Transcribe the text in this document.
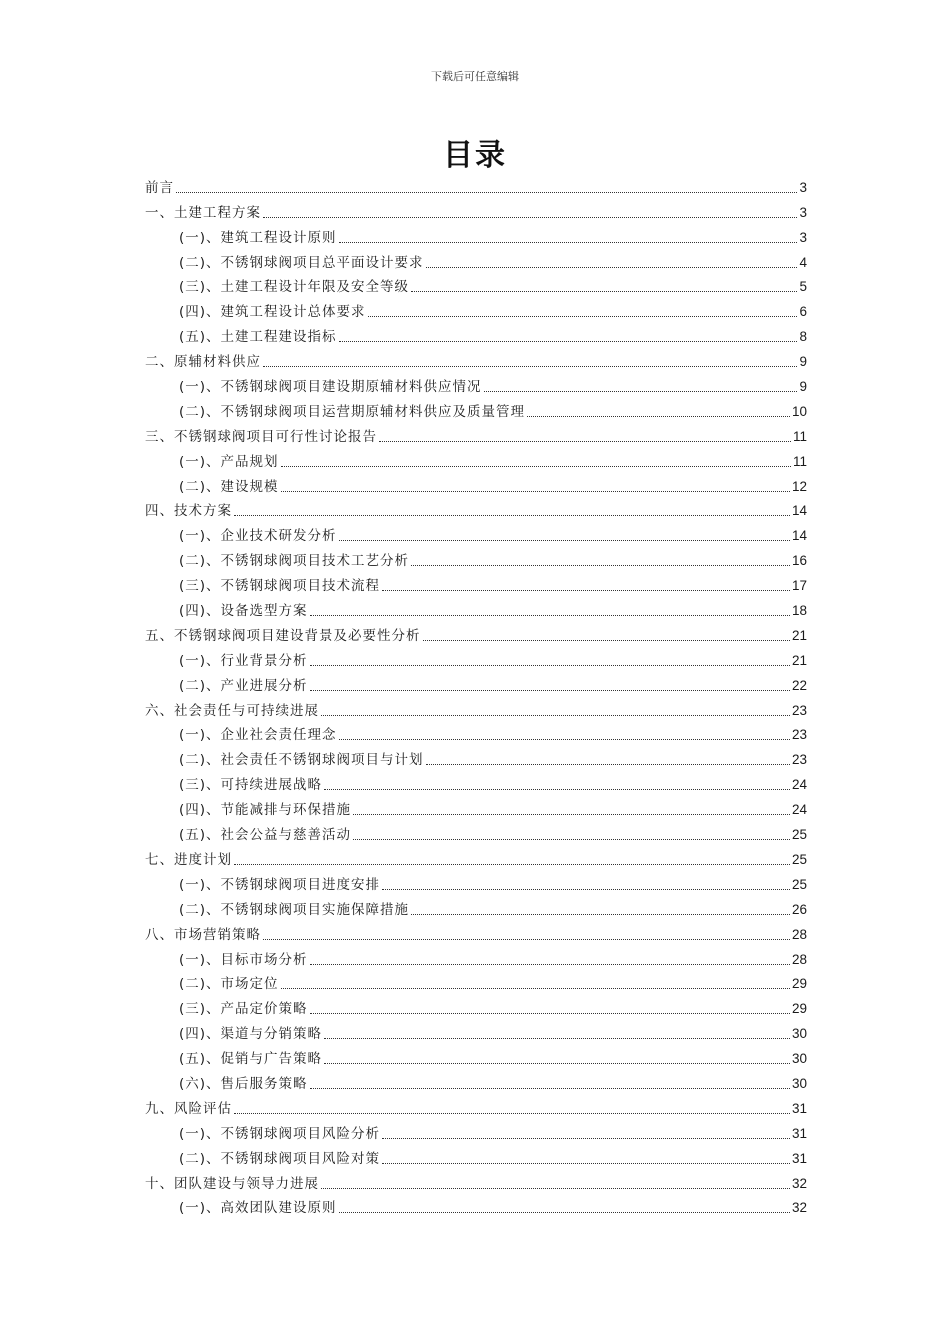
下载后可任意编辑
目录
前言	3
一、土建工程方案	3
(一)、建筑工程设计原则	3
(二)、不锈钢球阀项目总平面设计要求	4
(三)、土建工程设计年限及安全等级	5
(四)、建筑工程设计总体要求	6
(五)、土建工程建设指标	8
二、原辅材料供应	9
(一)、不锈钢球阀项目建设期原辅材料供应情况	9
(二)、不锈钢球阀项目运营期原辅材料供应及质量管理	10
三、不锈钢球阀项目可行性讨论报告	11
(一)、产品规划	11
(二)、建设规模	12
四、技术方案	14
(一)、企业技术研发分析	14
(二)、不锈钢球阀项目技术工艺分析	16
(三)、不锈钢球阀项目技术流程	17
(四)、设备选型方案	18
五、不锈钢球阀项目建设背景及必要性分析	21
(一)、行业背景分析	21
(二)、产业进展分析	22
六、社会责任与可持续进展	23
(一)、企业社会责任理念	23
(二)、社会责任不锈钢球阀项目与计划	23
(三)、可持续进展战略	24
(四)、节能减排与环保措施	24
(五)、社会公益与慈善活动	25
七、进度计划	25
(一)、不锈钢球阀项目进度安排	25
(二)、不锈钢球阀项目实施保障措施	26
八、市场营销策略	28
(一)、目标市场分析	28
(二)、市场定位	29
(三)、产品定价策略	29
(四)、渠道与分销策略	30
(五)、促销与广告策略	30
(六)、售后服务策略	30
九、风险评估	31
(一)、不锈钢球阀项目风险分析	31
(二)、不锈钢球阀项目风险对策	31
十、团队建设与领导力进展	32
(一)、高效团队建设原则	32
